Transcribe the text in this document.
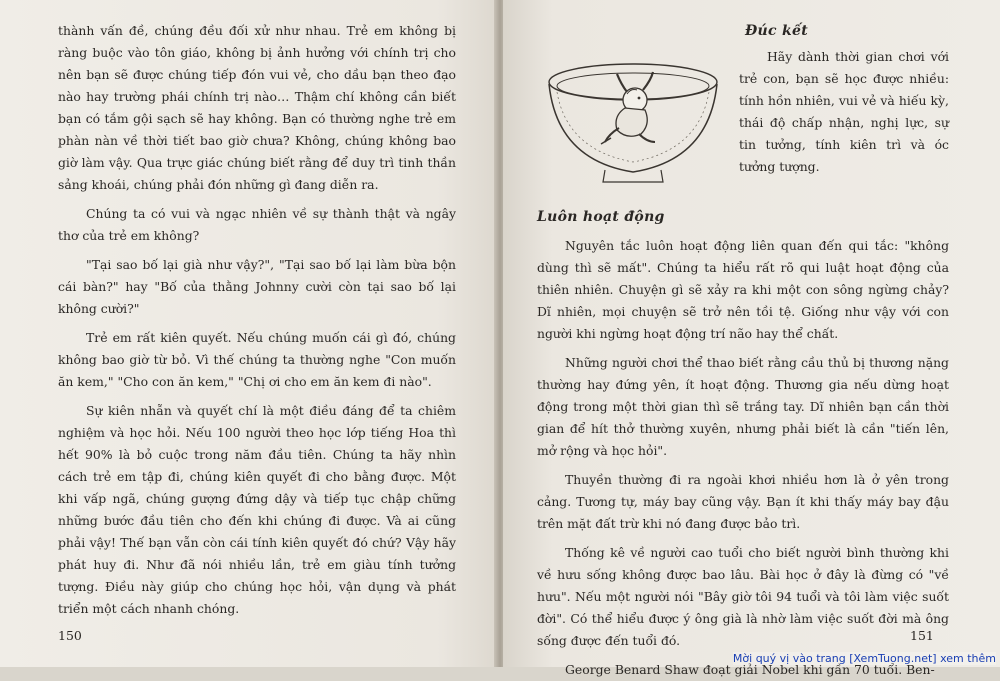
thành vấn đề, chúng đều đối xử như nhau. Trẻ em không bị ràng buộc vào tôn giáo, không bị ảnh hưởng với chính trị cho nên bạn sẽ được chúng tiếp đón vui vẻ, cho dầu bạn theo đạo nào hay trường phái chính trị nào… Thậm chí không cần biết bạn có tắm gội sạch sẽ hay không. Bạn có thường nghe trẻ em phàn nàn về thời tiết bao giờ chưa? Không, chúng không bao giờ làm vậy. Qua trực giác chúng biết rằng để duy trì tinh thần sảng khoái, chúng phải đón những gì đang diễn ra.

Chúng ta có vui và ngạc nhiên về sự thành thật và ngây thơ của trẻ em không?

"Tại sao bố lại già như vậy?", "Tại sao bố lại làm bừa bộn cái bàn?" hay "Bố của thằng Johnny cười còn tại sao bố lại không cười?"

Trẻ em rất kiên quyết. Nếu chúng muốn cái gì đó, chúng không bao giờ từ bỏ. Vì thế chúng ta thường nghe "Con muốn ăn kem," "Cho con ăn kem," "Chị ơi cho em ăn kem đi nào".

Sự kiên nhẫn và quyết chí là một điều đáng để ta chiêm nghiệm và học hỏi. Nếu 100 người theo học lớp tiếng Hoa thì hết 90% là bỏ cuộc trong năm đầu tiên. Chúng ta hãy nhìn cách trẻ em tập đi, chúng kiên quyết đi cho bằng được. Một khi vấp ngã, chúng gượng đứng dậy và tiếp tục chập chững những bước đầu tiên cho đến khi chúng đi được. Và ai cũng phải vậy! Thế bạn vẫn còn cái tính kiên quyết đó chứ? Vậy hãy phát huy đi. Như đã nói nhiều lần, trẻ em giàu tính tưởng tượng. Điều này giúp cho chúng học hỏi, vận dụng và phát triển một cách nhanh chóng.

150
Đúc kết

Hãy dành thời gian chơi với trẻ con, bạn sẽ học được nhiều: tính hồn nhiên, vui vẻ và hiếu kỳ, thái độ chấp nhận, nghị lực, sự tin tưởng, tính kiên trì và óc tưởng tượng.

Luôn hoạt động

Nguyên tắc luôn hoạt động liên quan đến qui tắc: "không dùng thì sẽ mất". Chúng ta hiểu rất rõ qui luật hoạt động của thiên nhiên. Chuyện gì sẽ xảy ra khi một con sông ngừng chảy? Dĩ nhiên, mọi chuyện sẽ trở nên tồi tệ. Giống như vậy với con người khi ngừng hoạt động trí não hay thể chất.

Những người chơi thể thao biết rằng cầu thủ bị thương nặng thường hay đứng yên, ít hoạt động. Thương gia nếu dừng hoạt động trong một thời gian thì sẽ trắng tay. Dĩ nhiên bạn cần thời gian để hít thở thường xuyên, nhưng phải biết là cần "tiến lên, mở rộng và học hỏi".

Thuyền thường đi ra ngoài khơi nhiều hơn là ở yên trong cảng. Tương tự, máy bay cũng vậy. Bạn ít khi thấy máy bay đậu trên mặt đất trừ khi nó đang được bảo trì.

Thống kê về người cao tuổi cho biết người bình thường khi về hưu sống không được bao lâu. Bài học ở đây là đừng có "về hưu". Nếu một người nói "Bây giờ tôi 94 tuổi và tôi làm việc suốt đời". Có thể hiểu được ý ông già là nhờ làm việc suốt đời mà ông sống được đến tuổi đó.

George Benard Shaw đoạt giải Nobel khi gần 70 tuổi. Ben-

151
Mời quý vị vào trang [XemTuong.net] xem thêm
